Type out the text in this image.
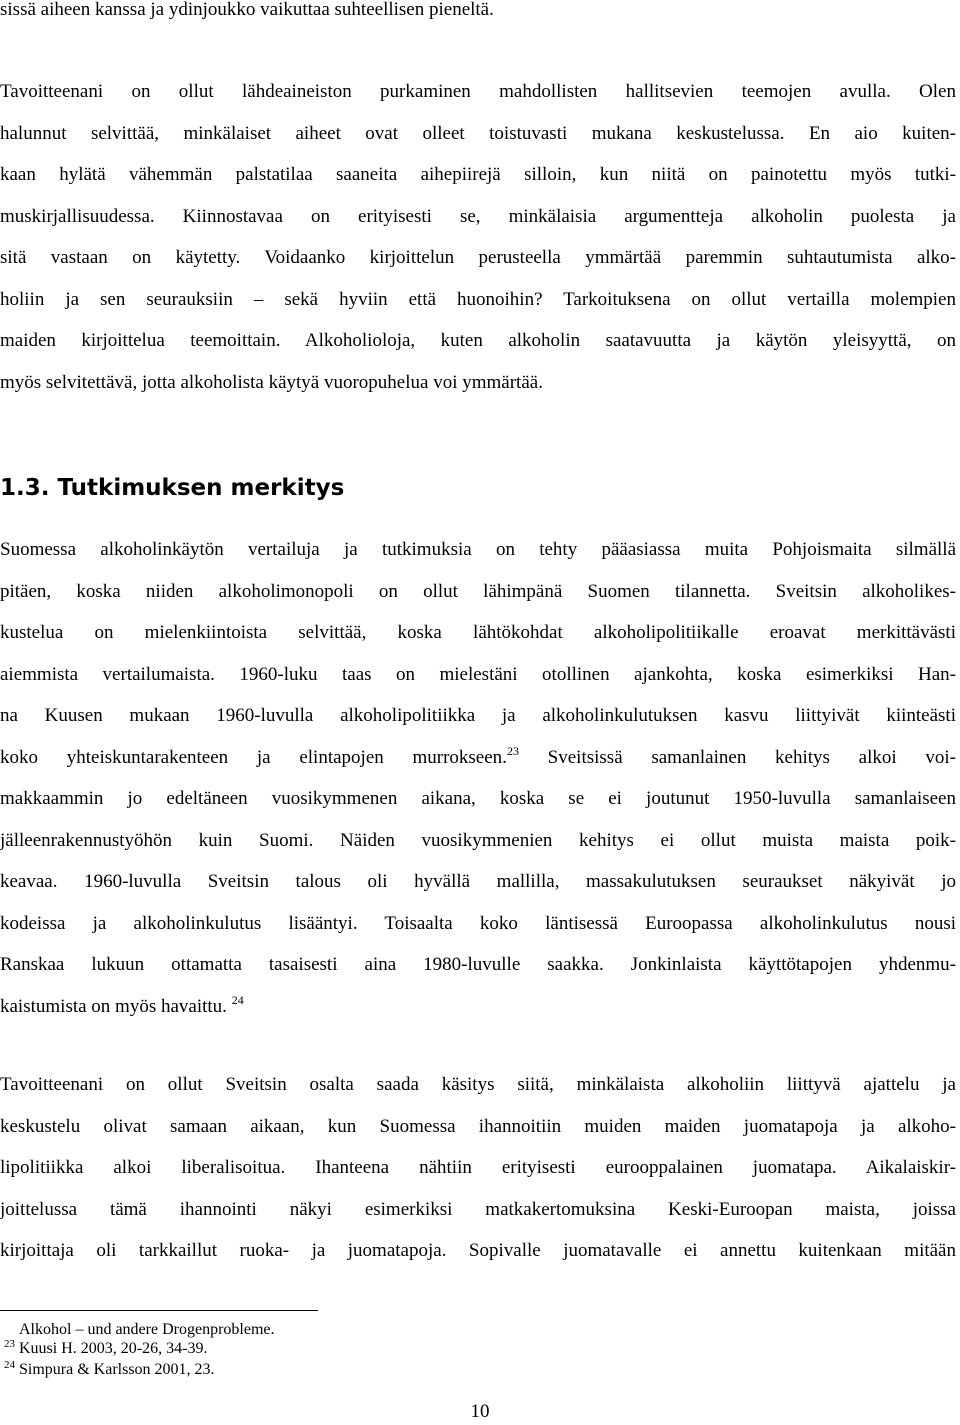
sissä aiheen kanssa ja ydinjoukko vaikuttaa suhteellisen pieneltä.
Tavoitteenani on ollut lähdeaineiston purkaminen mahdollisten hallitsevien teemojen avulla. Olen
halunnut selvittää, minkälaiset aiheet ovat olleet toistuvasti mukana keskustelussa. En aio kuiten-
kaan hylätä vähemmän palstatilaa saaneita aihepiirejä silloin, kun niitä on painotettu myös tutki-
muskirjallisuudessa. Kiinnostavaa on erityisesti se, minkälaisia argumentteja alkoholin puolesta ja
sitä vastaan on käytetty. Voidaanko kirjoittelun perusteella ymmärtää paremmin suhtautumista alko-
holiin ja sen seurauksiin – sekä hyviin että huonoihin? Tarkoituksena on ollut vertailla molempien
maiden kirjoittelua teemoittain. Alkoholioloja, kuten alkoholin saatavuutta ja käytön yleisyyttä, on
myös selvitettävä, jotta alkoholista käytyä vuoropuhelua voi ymmärtää.
1.3. Tutkimuksen merkitys
Suomessa alkoholinkäytön vertailuja ja tutkimuksia on tehty pääasiassa muita Pohjoismaita silmällä
pitäen, koska niiden alkoholimonopoli on ollut lähimpänä Suomen tilannetta. Sveitsin alkoholikes-
kustelua on mielenkiintoista selvittää, koska lähtökohdat alkoholipolitiikalle eroavat merkittävästi
aiemmista vertailumaista. 1960-luku taas on mielestäni otollinen ajankohta, koska esimerkiksi Han-
na Kuusen mukaan 1960-luvulla alkoholipolitiikka ja alkoholinkulutuksen kasvu liittyivät kiinteästi
koko yhteiskuntarakenteen ja elintapojen murrokseen.$^{23}$ Sveitsissä samanlainen kehitys alkoi voi-
makkaammin jo edeltäneen vuosikymmenen aikana, koska se ei joutunut 1950-luvulla samanlaiseen
jälleenrakennustyöhön kuin Suomi. Näiden vuosikymmenien kehitys ei ollut muista maista poik-
keavaa. 1960-luvulla Sveitsin talous oli hyvällä mallilla, massakulutuksen seuraukset näkyivät jo
kodeissa ja alkoholinkulutus lisääntyi. Toisaalta koko läntisessä Euroopassa alkoholinkulutus nousi
Ranskaa lukuun ottamatta tasaisesti aina 1980-luvulle saakka. Jonkinlaista käyttötapojen yhdenmu-
kaistumista on myös havaittu. $^{24}$
Tavoitteenani on ollut Sveitsin osalta saada käsitys siitä, minkälaista alkoholiin liittyvä ajattelu ja
keskustelu olivat samaan aikaan, kun Suomessa ihannoitiin muiden maiden juomatapoja ja alkoho-
lipolitiikka alkoi liberalisoitua. Ihanteena nähtiin erityisesti eurooppalainen juomatapa. Aikalaiskir-
joittelussa tämä ihannointi näkyi esimerkiksi matkakertomuksina Keski-Euroopan maista, joissa
kirjoittaja oli tarkkaillut ruoka- ja juomatapoja. Sopivalle juomatavalle ei annettu kuitenkaan mitään
Alkohol – und andere Drogenprobleme.
$^{23}$ Kuusi H. 2003, 20-26, 34-39.
$^{24}$ Simpura & Karlsson 2001, 23.
10
